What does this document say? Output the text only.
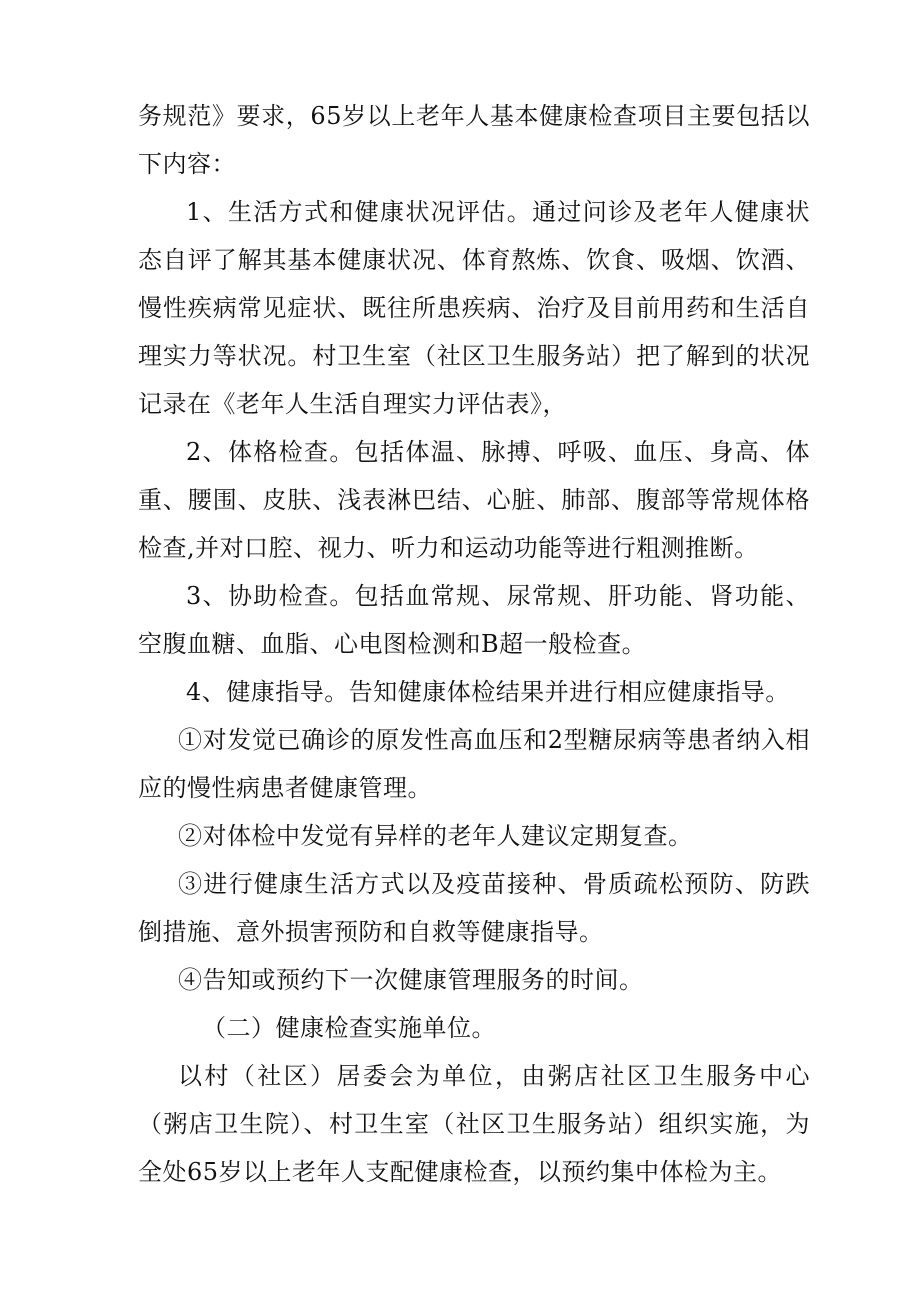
务规范》要求，65岁以上老年人基本健康检查项目主要包括以下内容：

1、生活方式和健康状况评估。通过问诊及老年人健康状态自评了解其基本健康状况、体育熬炼、饮食、吸烟、饮酒、慢性疾病常见症状、既往所患疾病、治疗及目前用药和生活自理实力等状况。村卫生室（社区卫生服务站）把了解到的状况记录在《老年人生活自理实力评估表》，

2、体格检查。包括体温、脉搏、呼吸、血压、身高、体重、腰围、皮肤、浅表淋巴结、心脏、肺部、腹部等常规体格检查,并对口腔、视力、听力和运动功能等进行粗测推断。

3、协助检查。包括血常规、尿常规、肝功能、肾功能、空腹血糖、血脂、心电图检测和B超一般检查。

4、健康指导。告知健康体检结果并进行相应健康指导。

①对发觉已确诊的原发性高血压和2型糖尿病等患者纳入相应的慢性病患者健康管理。

②对体检中发觉有异样的老年人建议定期复查。

③进行健康生活方式以及疫苗接种、骨质疏松预防、防跌倒措施、意外损害预防和自救等健康指导。

④告知或预约下一次健康管理服务的时间。

（二）健康检查实施单位。

以村（社区）居委会为单位，由粥店社区卫生服务中心（粥店卫生院）、村卫生室（社区卫生服务站）组织实施，为全处65岁以上老年人支配健康检查，以预约集中体检为主。
